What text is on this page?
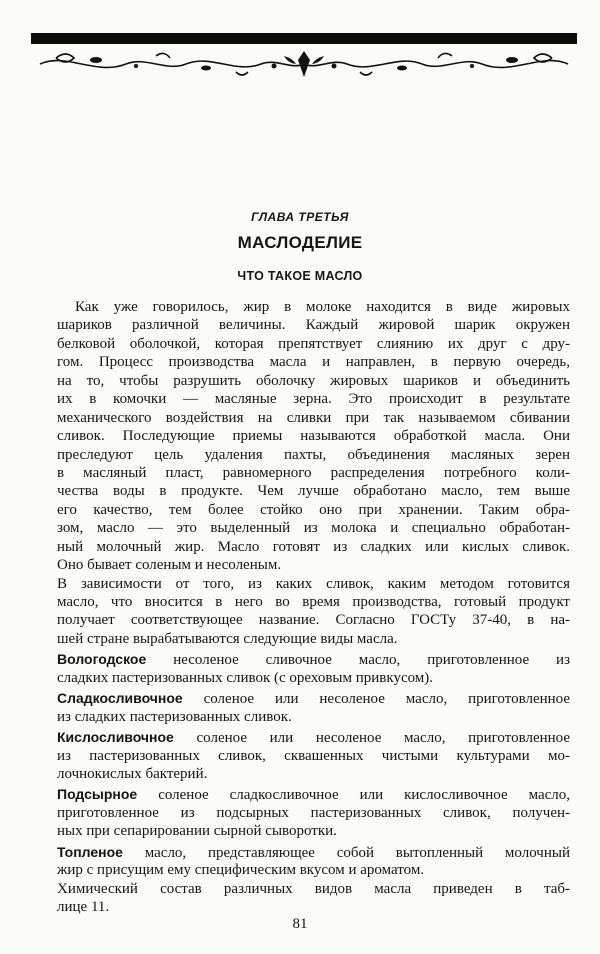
ГЛАВА ТРЕТЬЯ
МАСЛОДЕЛИЕ
ЧТО ТАКОЕ МАСЛО
Как уже говорилось, жир в молоке находится в виде жировых
шариков различной величины. Каждый жировой шарик окружен
белковой оболочкой, которая препятствует слиянию их друг с дру-
гом. Процесс производства масла и направлен, в первую очередь,
на то, чтобы разрушить оболочку жировых шариков и объединить
их в комочки — масляные зерна. Это происходит в результате
механического воздействия на сливки при так называемом сбивании
сливок. Последующие приемы называются обработкой масла. Они
преследуют цель удаления пахты, объединения масляных зерен
в масляный пласт, равномерного распределения потребного коли-
чества воды в продукте. Чем лучше обработано масло, тем выше
его качество, тем более стойко оно при хранении. Таким обра-
зом, масло — это выделенный из молока и специально обработан-
ный молочный жир. Масло готовят из сладких или кислых сливок.
Оно бывает соленым и несоленым.
В зависимости от того, из каких сливок, каким методом готовится
масло, что вносится в него во время производства, готовый продукт
получает соответствующее название. Согласно ГОСТу 37-40, в на-
шей стране вырабатываются следующие виды масла.
Вологодское несоленое сливочное масло, приготовленное из
сладких пастеризованных сливок (с ореховым привкусом).
Сладкосливочное соленое или несоленое масло, приготовленное
из сладких пастеризованных сливок.
Кислосливочное соленое или несоленое масло, приготовленное
из пастеризованных сливок, сквашенных чистыми культурами мо-
лочнокислых бактерий.
Подсырное соленое сладкосливочное или кислосливочное масло,
приготовленное из подсырных пастеризованных сливок, получен-
ных при сепарировании сырной сыворотки.
Топленое масло, представляющее собой вытопленный молочный
жир с присущим ему специфическим вкусом и ароматом.
Химический состав различных видов масла приведен в таб-
лице 11.
81
